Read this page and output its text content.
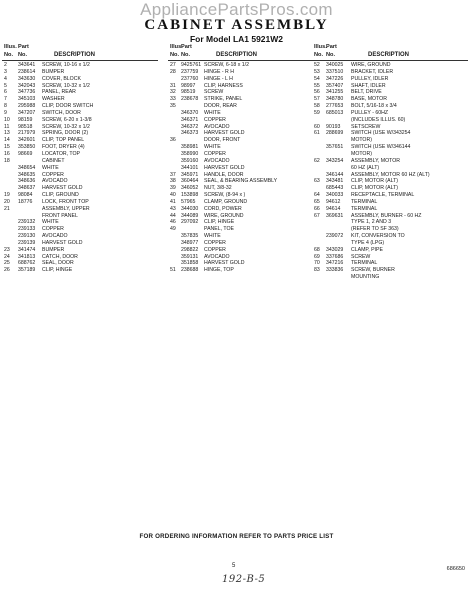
AppliancePartsPros.com
CABINET ASSEMBLY
For Model LA1 5921W2
Illus. Part
No. No.	DESCRIPTION
2 343641 SCREW, 10-16 x 1/2
3 238614 BUMPER
4 343630 COVER, BLOCK
5 342043 SCREW, 10-32 x 1/2
6 347736 PANEL, REAR
7 345103 WASHER
8 295988 CLIP, DOOR SWITCH
9 347207 SWITCH, DOOR
10 98159 SCREW, 6-20 x 1-3/8
11 98518 SCREW, 10-32 x 1/2
13 217979 SPRING, DOOR (2)
14 342601 CLIP, TOP PANEL
15 353850 FOOT, DRYER (4)
16 98669 LOCATOR, TOP
18	CABINET
348654 WHITE
348635 COPPER
348636 AVOCADO
348637 HARVEST GOLD
19 98084 CLIP, GROUND
20 18776 LOCK, FRONT TOP
21	ASSEMBLY, UPPER
FRONT PANEL
239132 WHITE
239133 COPPER
239130 AVOCADO
239139 HARVEST GOLD
23 341474 BUMPER
24 341813 CATCH, DOOR
25 688762 SEAL, DOOR
26 357189 CLIP, HINGE
Illus.
Part
No. No.	DESCRIPTION
27 9425761 SCREW, 6-18 x 1/2
28 237759 HINGE - R H
237760 HINGE - L H
31 98997 CLIP, HARNESS
32 98519 SCREW
33 238678 STRIKE, PANEL
35	DOOR, REAR
346370 WHITE
346371 COPPER
346372 AVOCADO
346373 HARVEST GOLD
36	DOOR, FRONT
358981 WHITE
358990 COPPER
359160 AVOCADO
344101 HARVEST GOLD
37 345971 HANDLE, DOOR
38 360464 SEAL, & BEARING ASSEMBLY
39 346052 NUT, 3/8-32
40 153898 SCREW, (8-94 x )
41 57965 CLAMP, GROUND
43 344030 CORD, POWER
44 344089 WIRE, GROUND
46 297092 CLIP, HINGE
49	PANEL, TOE
357835 WHITE
348977 COPPER
298822 COPPER
359131 AVOCADO
351858 HARVEST GOLD
51 238688 HINGE, TOP
Illus. Part
No. No.	DESCRIPTION
52 340025 WIRE, GROUND
53 337510 BRACKET, IDLER
54 347226 PULLEY, IDLER
55 357407 SHAFT, IDLER
56 341255 BELT, DRIVE
57 348780 BASE, MOTOR
58 277653 BOLT, 5/16-18 x 3/4
59 685013 PULLEY - 60HZ
(INCLUDES ILLUS. 60)
60 90193 SETSCREW
61 288699 SWITCH (USE W/343254
MOTOR)
357651 SWITCH (USE W/346144
MOTOR)
62 343254 ASSEMBLY, MOTOR
60 HZ (ALT)
346144 ASSEMBLY, MOTOR 60 HZ (ALT)
63 343481 CLIP, MOTOR (ALT)
685443 CLIP, MOTOR (ALT)
64 340033 RECEPTACLE, TERMINAL
65 94612 TERMINAL
66 94614 TERMINAL
67 369631 ASSEMBLY, BURNER - 60 HZ
TYPE 1, 2 AND 3
(REFER TO SF 363)
239072 KIT, CONVERSION TO
TYPE 4 (LPG)
68 343029 CLAMP, PIPE
69 337686 SCREW
70 347216 TERMINAL
83 333836 SCREW, BURNER
MOUNTING
FOR ORDERING INFORMATION REFER TO PARTS PRICE LIST
5	686650
192-B-5
